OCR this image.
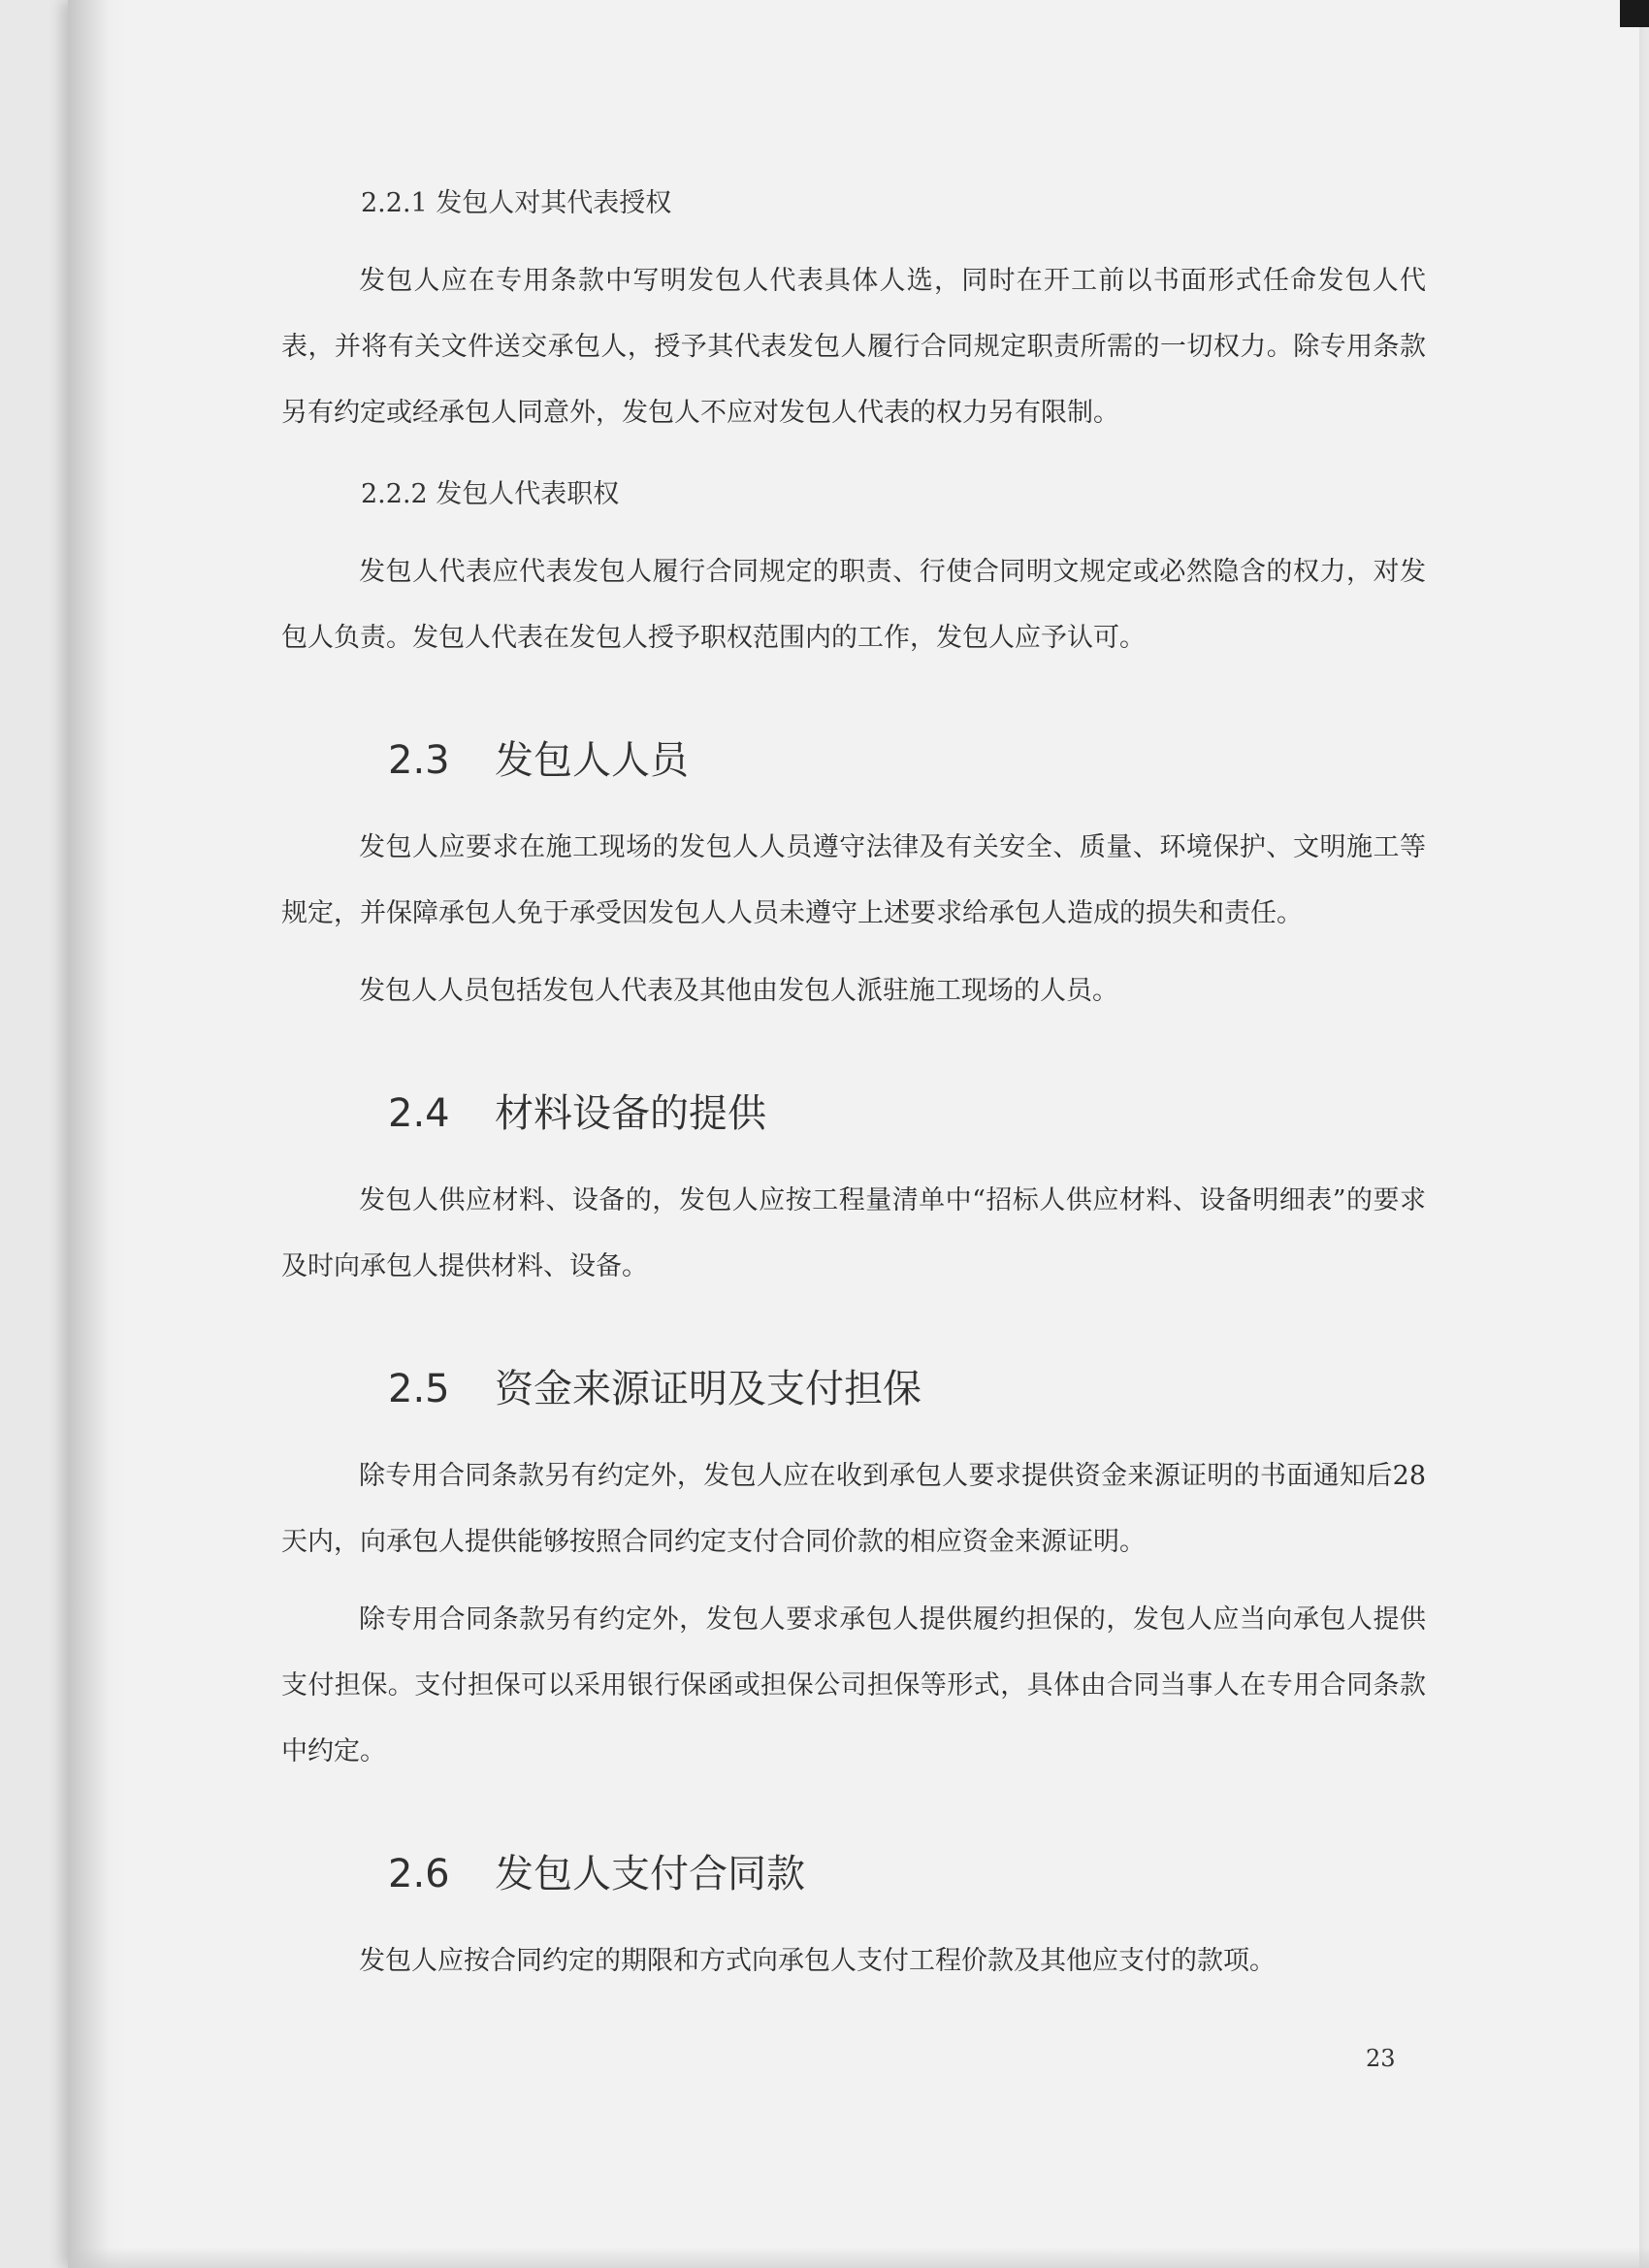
2.2.1 发包人对其代表授权

发包人应在专用条款中写明发包人代表具体人选，同时在开工前以书面形式任命发包人代表，并将有关文件送交承包人，授予其代表发包人履行合同规定职责所需的一切权力。除专用条款另有约定或经承包人同意外，发包人不应对发包人代表的权力另有限制。

2.2.2 发包人代表职权

发包人代表应代表发包人履行合同规定的职责、行使合同明文规定或必然隐含的权力，对发包人负责。发包人代表在发包人授予职权范围内的工作，发包人应予认可。

2.3	发包人人员

发包人应要求在施工现场的发包人人员遵守法律及有关安全、质量、环境保护、文明施工等规定，并保障承包人免于承受因发包人人员未遵守上述要求给承包人造成的损失和责任。

发包人人员包括发包人代表及其他由发包人派驻施工现场的人员。

2.4	材料设备的提供

发包人供应材料、设备的，发包人应按工程量清单中“招标人供应材料、设备明细表”的要求及时向承包人提供材料、设备。

2.5	资金来源证明及支付担保

除专用合同条款另有约定外，发包人应在收到承包人要求提供资金来源证明的书面通知后28天内，向承包人提供能够按照合同约定支付合同价款的相应资金来源证明。

除专用合同条款另有约定外，发包人要求承包人提供履约担保的，发包人应当向承包人提供支付担保。支付担保可以采用银行保函或担保公司担保等形式，具体由合同当事人在专用合同条款中约定。

2.6	发包人支付合同款

发包人应按合同约定的期限和方式向承包人支付工程价款及其他应支付的款项。

23
